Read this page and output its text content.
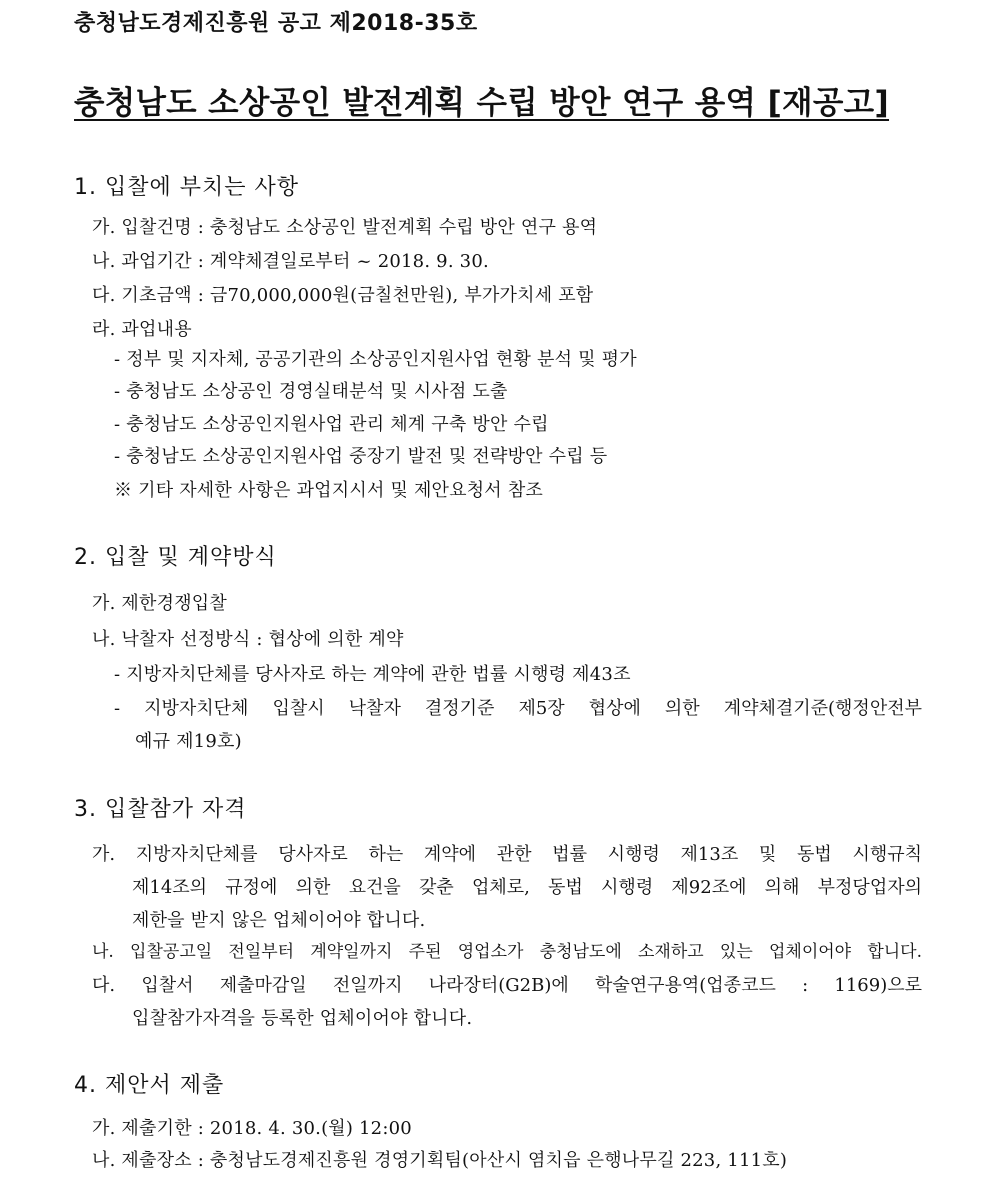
충청남도경제진흥원 공고 제2018-35호
충청남도 소상공인 발전계획 수립 방안 연구 용역 [재공고]
1. 입찰에 부치는 사항
가. 입찰건명 : 충청남도 소상공인 발전계획 수립 방안 연구 용역
나. 과업기간 : 계약체결일로부터 ~ 2018. 9. 30.
다. 기초금액 : 금70,000,000원(금칠천만원), 부가가치세 포함
라. 과업내용
- 정부 및 지자체, 공공기관의 소상공인지원사업 현황 분석 및 평가
- 충청남도 소상공인 경영실태분석 및 시사점 도출
- 충청남도 소상공인지원사업 관리 체계 구축 방안 수립
- 충청남도 소상공인지원사업 중장기 발전 및 전략방안 수립 등
※ 기타 자세한 사항은 과업지시서 및 제안요청서 참조
2. 입찰 및 계약방식
가. 제한경쟁입찰
나. 낙찰자 선정방식 : 협상에 의한 계약
- 지방자치단체를 당사자로 하는 계약에 관한 법률 시행령 제43조
- 지방자치단체 입찰시 낙찰자 결정기준 제5장 협상에 의한 계약체결기준(행정안전부
예규 제19호)
3. 입찰참가 자격
가. 지방자치단체를 당사자로 하는 계약에 관한 법률 시행령 제13조 및 동법 시행규칙
제14조의 규정에 의한 요건을 갖춘 업체로, 동법 시행령 제92조에 의해 부정당업자의
제한을 받지 않은 업체이어야 합니다.
나. 입찰공고일 전일부터 계약일까지 주된 영업소가 충청남도에 소재하고 있는 업체이어야 합니다.
다. 입찰서 제출마감일 전일까지 나라장터(G2B)에 학술연구용역(업종코드 : 1169)으로
입찰참가자격을 등록한 업체이어야 합니다.
4. 제안서 제출
가. 제출기한 : 2018. 4. 30.(월) 12:00
나. 제출장소 : 충청남도경제진흥원 경영기획팀(아산시 염치읍 은행나무길 223, 111호)
